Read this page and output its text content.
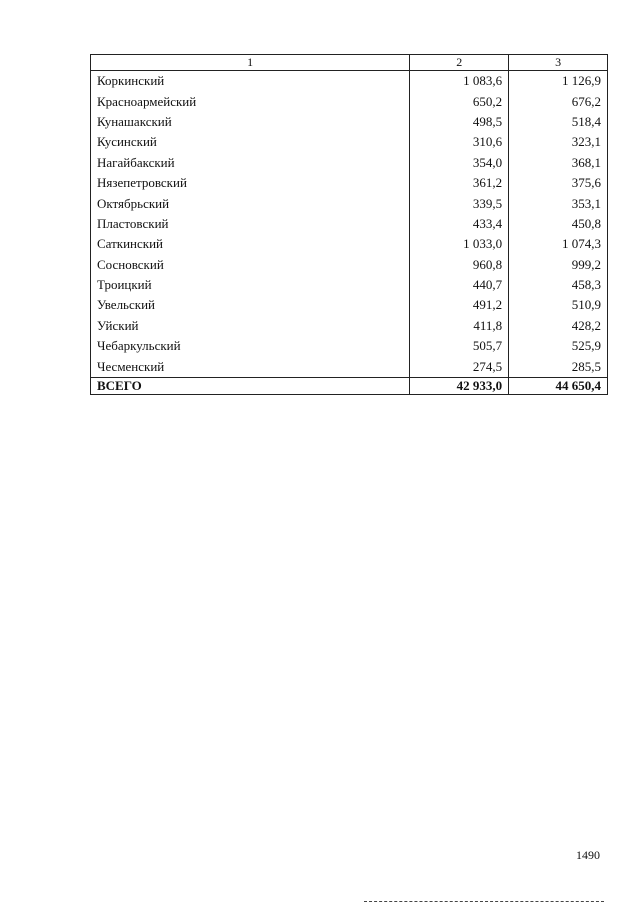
1	2	3
Коркинский	1 083,6	1 126,9
Красноармейский	650,2	676,2
Кунашакский	498,5	518,4
Кусинский	310,6	323,1
Нагайбакский	354,0	368,1
Нязепетровский	361,2	375,6
Октябрьский	339,5	353,1
Пластовский	433,4	450,8
Саткинский	1 033,0	1 074,3
Сосновский	960,8	999,2
Троицкий	440,7	458,3
Увельский	491,2	510,9
Уйский	411,8	428,2
Чебаркульский	505,7	525,9
Чесменский	274,5	285,5
ВСЕГО	42 933,0	44 650,4
1490
